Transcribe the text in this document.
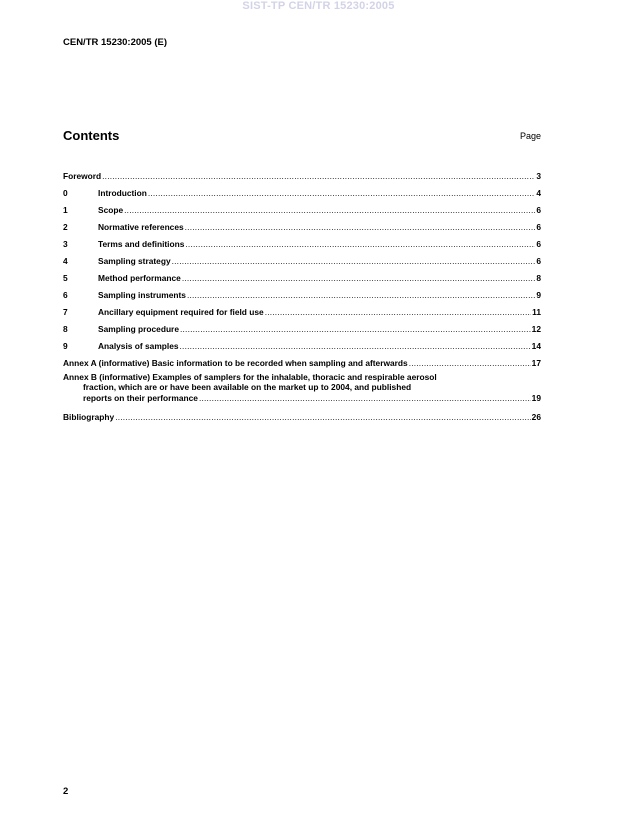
SIST-TP CEN/TR 15230:2005
CEN/TR 15230:2005 (E)
Contents	Page
Foreword .....	3
0	Introduction .....	4
1	Scope .....	6
2	Normative references .....	6
3	Terms and definitions .....	6
4	Sampling strategy .....	6
5	Method performance .....	8
6	Sampling instruments .....	9
7	Ancillary equipment required for field use .....	11
8	Sampling procedure .....	12
9	Analysis of samples .....	14
Annex A (informative) Basic information to be recorded when sampling and afterwards .....	17
Annex B (informative) Examples of samplers for the inhalable, thoracic and respirable aerosol
fraction, which are or have been available on the market up to 2004, and published
reports on their performance .....	19
Bibliography .....	26
2
